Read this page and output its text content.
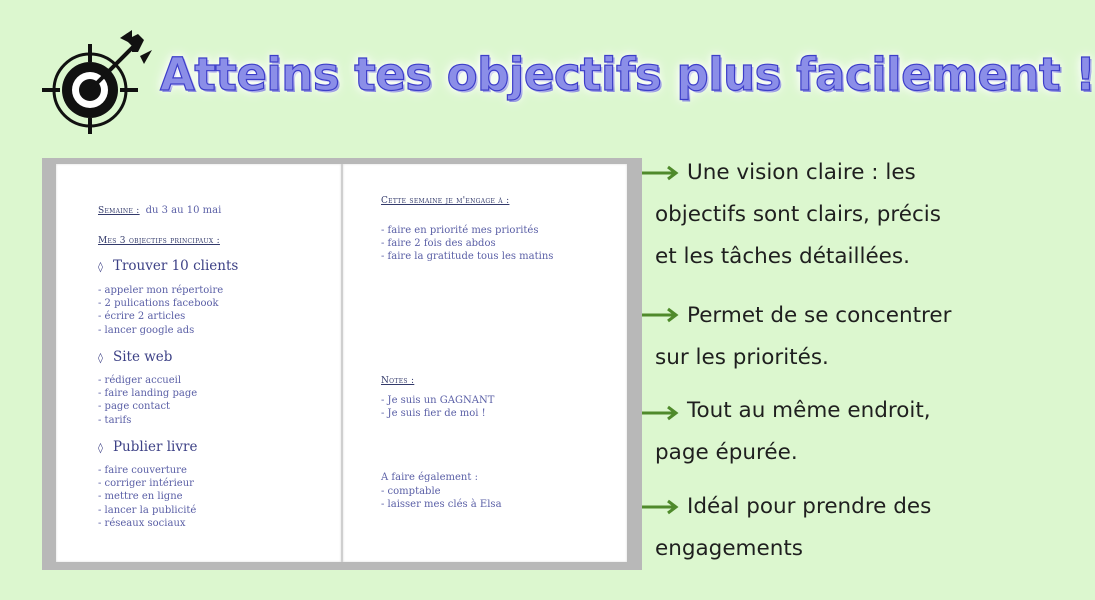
Atteins tes objectifs plus facilement !
Semaine : du 3 au 10 mai
Mes 3 objectifs principaux :
◊ Trouver 10 clients
- appeler mon répertoire
- 2 pulications facebook
- écrire 2 articles
- lancer google ads
◊ Site web
- rédiger accueil
- faire landing page
- page contact
- tarifs
◊ Publier livre
- faire couverture
- corriger intérieur
- mettre en ligne
- lancer la publicité
- réseaux sociaux
Cette semaine je m'engage à :
- faire en priorité mes priorités
- faire 2 fois des abdos
- faire la gratitude tous les matins
Notes :
- Je suis un GAGNANT
- Je suis fier de moi !
A faire également :
- comptable
- laisser mes clés à Elsa
Une vision claire : les
objectifs sont clairs, précis
et les tâches détaillées.
Permet de se concentrer
sur les priorités.
Tout au même endroit,
page épurée.
Idéal pour prendre des
engagements
